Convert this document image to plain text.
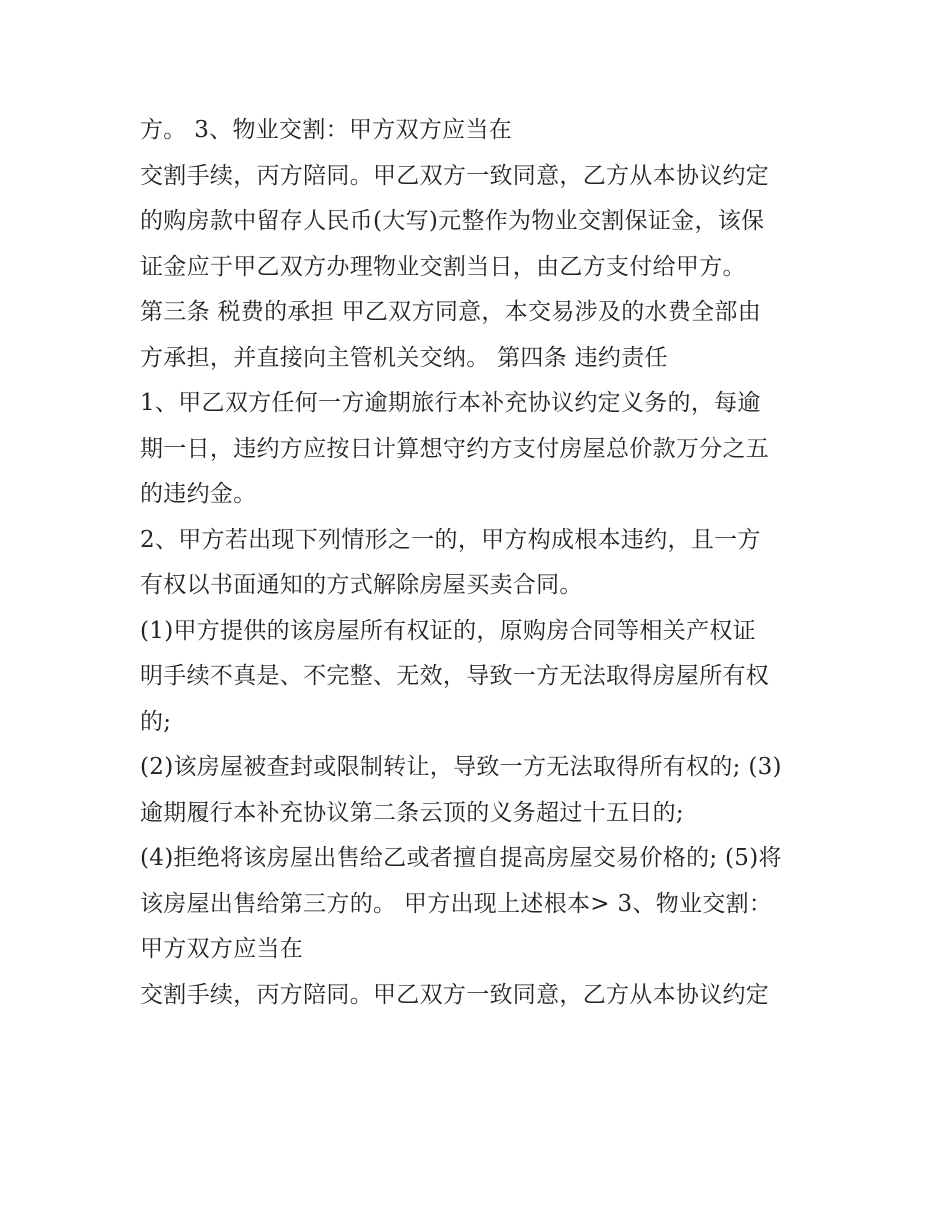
方。 3、物业交割：甲方双方应当在
交割手续，丙方陪同。甲乙双方一致同意，乙方从本协议约定
的购房款中留存人民币(大写)元整作为物业交割保证金，该保
证金应于甲乙双方办理物业交割当日，由乙方支付给甲方。
第三条 税费的承担 甲乙双方同意，本交易涉及的水费全部由
方承担，并直接向主管机关交纳。 第四条 违约责任
1、甲乙双方任何一方逾期旅行本补充协议约定义务的，每逾
期一日，违约方应按日计算想守约方支付房屋总价款万分之五
的违约金。
2、甲方若出现下列情形之一的，甲方构成根本违约，且一方
有权以书面通知的方式解除房屋买卖合同。
(1)甲方提供的该房屋所有权证的，原购房合同等相关产权证
明手续不真是、不完整、无效，导致一方无法取得房屋所有权
的;
(2)该房屋被查封或限制转让，导致一方无法取得所有权的; (3)
逾期履行本补充协议第二条云顶的义务超过十五日的;
(4)拒绝将该房屋出售给乙或者擅自提高房屋交易价格的; (5)将
该房屋出售给第三方的。 甲方出现上述根本> 3、物业交割：
甲方双方应当在
交割手续，丙方陪同。甲乙双方一致同意，乙方从本协议约定
